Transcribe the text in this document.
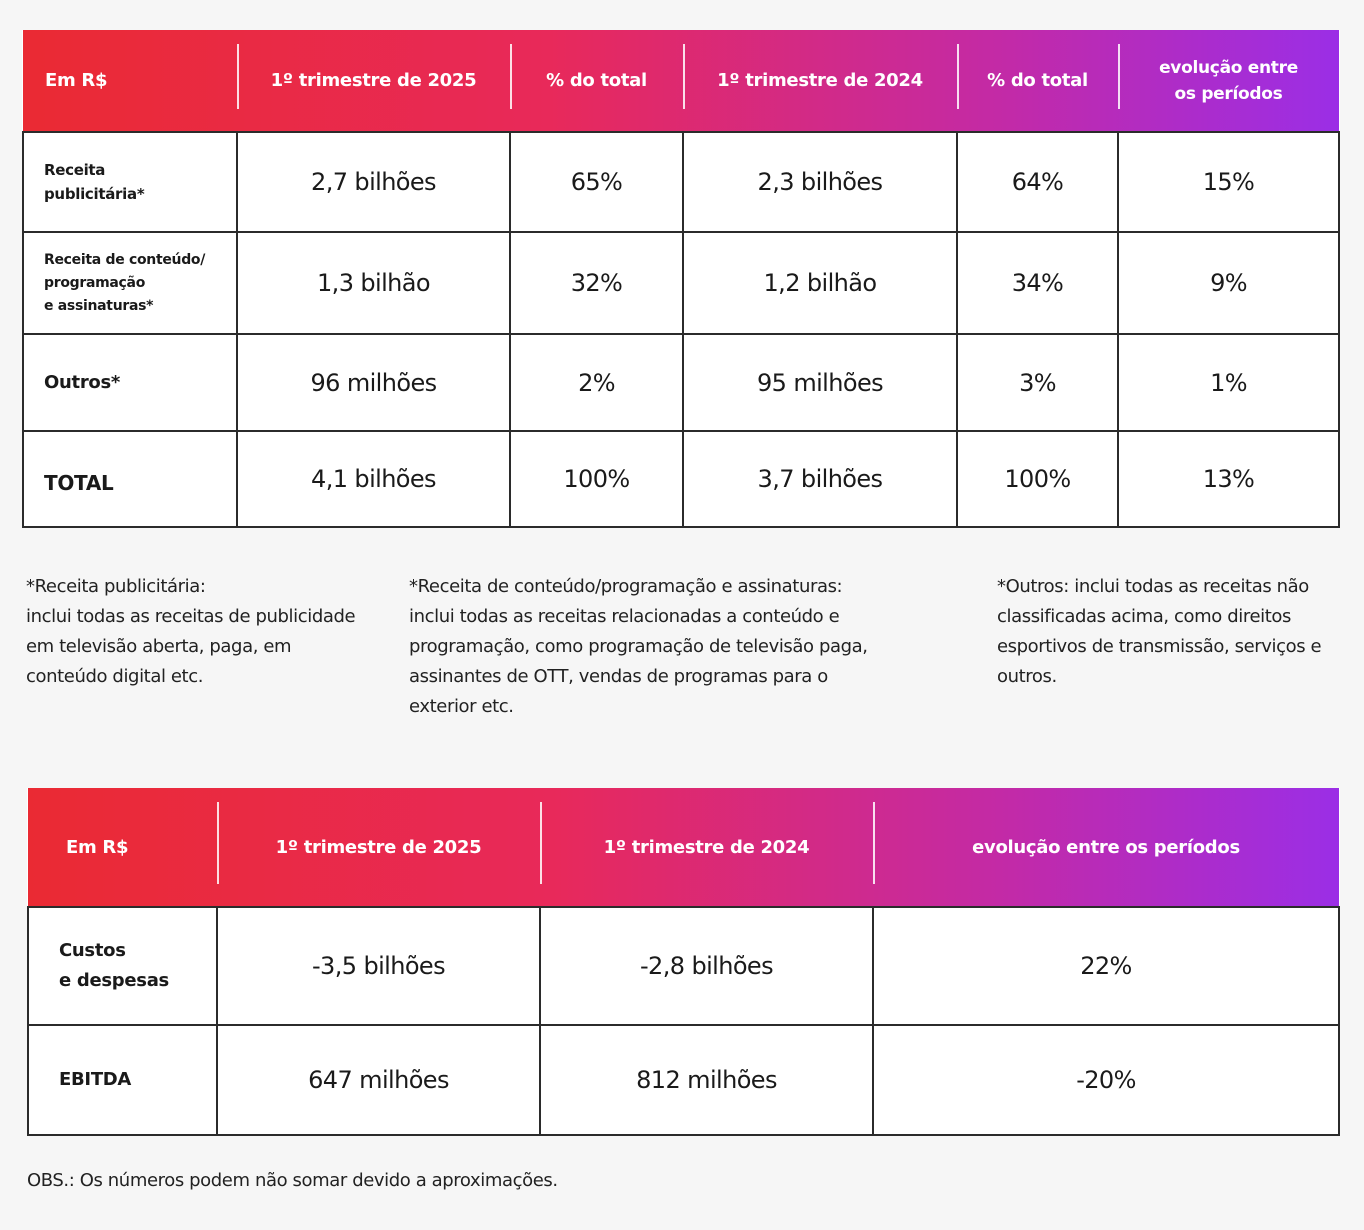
Em R$	1º trimestre de 2025	% do total	1º trimestre de 2024	% do total	evolução entre os períodos

Receita
publicitária*	2,7 bilhões	65%	2,3 bilhões	64%	15%

Receita de conteúdo/
programação
e assinaturas*	1,3 bilhão	32%	1,2 bilhão	34%	9%

Outros*	96 milhões	2%	95 milhões	3%	1%

TOTAL	4,1 bilhões	100%	3,7 bilhões	100%	13%
*Receita publicitária:
inclui todas as receitas de publicidade em televisão aberta, paga, em conteúdo digital etc.
*Receita de conteúdo/programação e assinaturas:
inclui todas as receitas relacionadas a conteúdo e programação, como programação de televisão paga, assinantes de OTT, vendas de programas para o exterior etc.
*Outros: inclui todas as receitas não classificadas acima, como direitos esportivos de transmissão, serviços e outros.
Em R$	1º trimestre de 2025	1º trimestre de 2024	evolução entre os períodos

Custos
e despesas	-3,5 bilhões	-2,8 bilhões	22%

EBITDA	647 milhões	812 milhões	-20%
OBS.: Os números podem não somar devido a aproximações.
